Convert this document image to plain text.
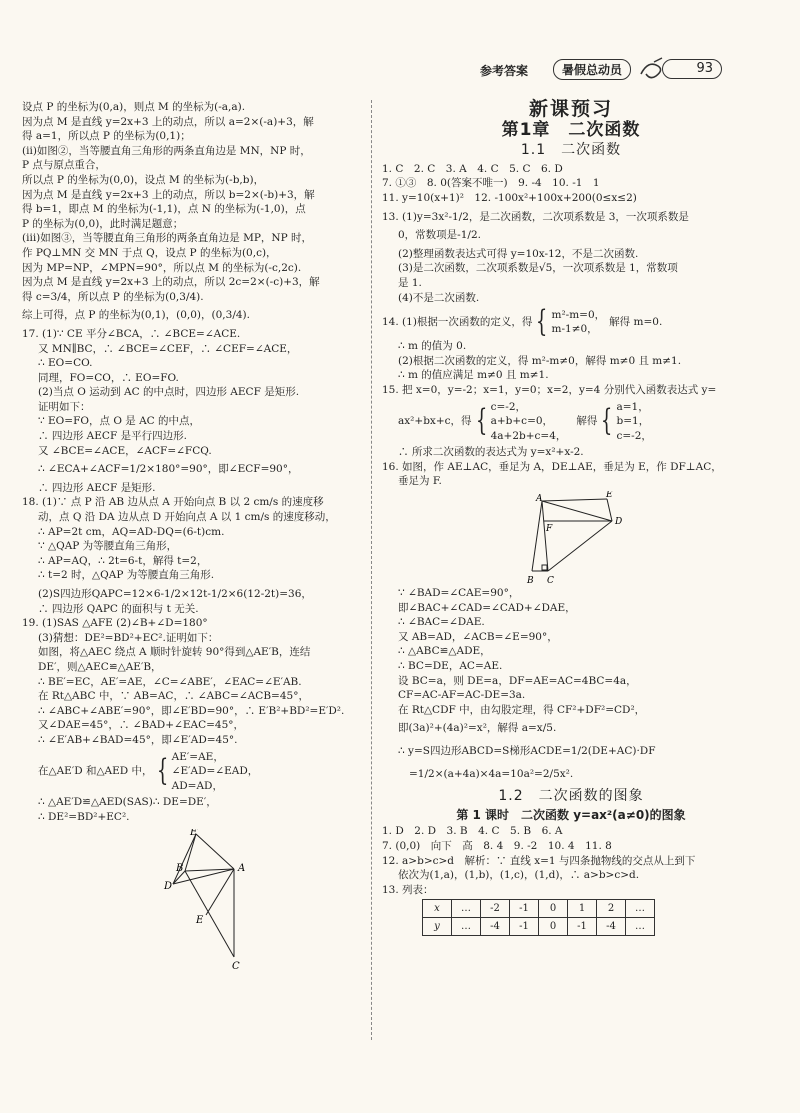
参考答案	暑假总动员	93

设点 P 的坐标为(0,a)，则点 M 的坐标为(-a,a).

因为点 M 是直线 y=2x+3 上的动点，所以 a=2×(-a)+3，解

得 a=1，所以点 P 的坐标为(0,1)；

(ii)如图②，当等腰直角三角形的两条直角边是 MN，NP 时，

P 点与原点重合，

所以点 P 的坐标为(0,0)，设点 M 的坐标为(-b,b)，

因为点 M 是直线 y=2x+3 上的动点，所以 b=2×(-b)+3，解

得 b=1，即点 M 的坐标为(-1,1)，点 N 的坐标为(-1,0)，点

P 的坐标为(0,0)，此时满足题意；

(iii)如图③，当等腰直角三角形的两条直角边是 MP，NP 时，

作 PQ⊥MN 交 MN 于点 Q，设点 P 的坐标为(0,c)，

因为 MP=NP，∠MPN=90°，所以点 M 的坐标为(-c,2c).

因为点 M 是直线 y=2x+3 上的动点，所以 2c=2×(-c)+3，解

得 c=3/4，所以点 P 的坐标为(0,3/4).

综上可得，点 P 的坐标为(0,1)，(0,0)，(0,3/4).

17. (1)∵ CE 平分∠BCA，∴ ∠BCE=∠ACE.

又 MN∥BC，∴ ∠BCE=∠CEF，∴ ∠CEF=∠ACE，

∴ EO=CO.

同理，FO=CO，∴ EO=FO.

(2)当点 O 运动到 AC 的中点时，四边形 AECF 是矩形.

证明如下：

∵ EO=FO，点 O 是 AC 的中点，

∴ 四边形 AECF 是平行四边形.

又 ∠BCE=∠ACE，∠ACF=∠FCQ.

∴ ∠ECA+∠ACF=1/2×180°=90°，即∠ECF=90°，

∴ 四边形 AECF 是矩形.

18. (1)∵ 点 P 沿 AB 边从点 A 开始向点 B 以 2 cm/s 的速度移

动，点 Q 沿 DA 边从点 D 开始向点 A 以 1 cm/s 的速度移动，

∴ AP=2t cm，AQ=AD-DQ=(6-t)cm.

∵ △QAP 为等腰直角三角形，

∴ AP=AQ，∴ 2t=6-t，解得 t=2，

∴ t=2 时，△QAP 为等腰直角三角形.

(2)S四边形QAPC=12×6-1/2×12t-1/2×6(12-2t)=36，

∴ 四边形 QAPC 的面积与 t 无关.

19. (1)SAS △AFE (2)∠B+∠D=180°

(3)猜想：DE²=BD²+EC².证明如下：

如图，将△AEC 绕点 A 顺时针旋转 90°得到△AE′B，连结

DE′，则△AEC≌△AE′B，

∴ BE′=EC，AE′=AE，∠C=∠ABE′，∠EAC=∠E′AB.

在 Rt△ABC 中，∵ AB=AC，∴ ∠ABC=∠ACB=45°，

∴ ∠ABC+∠ABE′=90°，即∠E′BD=90°，∴ E′B²+BD²=E′D².

又∠DAE=45°，∴ ∠BAD+∠EAC=45°，

∴ ∠E′AB+∠BAD=45°，即∠E′AD=45°.

在△AE′D 和△AED 中， { AE′=AE，

∠E′AD=∠EAD，

AD=AD，

∴ △AE′D≌△AED(SAS)∴ DE=DE′，

∴ DE²=BD²+EC².

E′
B
D
A
E
C
新课预习
第1章　二次函数
1.1　二次函数

1. C　2. C　3. A　4. C　5. C　6. D

7. ①③　8. 0(答案不唯一)　9. -4　10. -1　1

11. y=10(x+1)²　12. -100x²+100x+200(0≤x≤2)

13. (1)y=3x²-1/2，是二次函数，二次项系数是 3，一次项系数是

0，常数项是-1/2.

(2)整理函数表达式可得 y=10x-12，不是二次函数.

(3)是二次函数，二次项系数是√5，一次项系数是 1，常数项

是 1.

(4)不是二次函数.

14. (1)根据一次函数的定义，得 { m²-m=0，

m-1≠0，

解得 m=0.

∴ m 的值为 0.

(2)根据二次函数的定义，得 m²-m≠0，解得 m≠0 且 m≠1.

∴ m 的值应满足 m≠0 且 m≠1.

15. 把 x=0，y=-2；x=1，y=0；x=2，y=4 分别代入函数表达式 y=

ax²+bx+c，得 { c=-2，

a+b+c=0，

4a+2b+c=4，

解得 { a=1，

b=1，

c=-2，

∴ 所求二次函数的表达式为 y=x²+x-2.

16. 如图，作 AE⊥AC，垂足为 A，DE⊥AE，垂足为 E，作 DF⊥AC，

垂足为 F.

A	E
F
D
B C

∵ ∠BAD=∠CAE=90°，

即∠BAC+∠CAD=∠CAD+∠DAE，

∴ ∠BAC=∠DAE.

又 AB=AD，∠ACB=∠E=90°，

∴ △ABC≌△ADE，

∴ BC=DE，AC=AE.

设 BC=a，则 DE=a，DF=AE=AC=4BC=4a，

CF=AC-AF=AC-DE=3a.

在 Rt△CDF 中，由勾股定理，得 CF²+DF²=CD²，

即(3a)²+(4a)²=x²，解得 a=x/5.

∴ y=S四边形ABCD=S梯形ACDE=1/2(DE+AC)·DF

=1/2×(a+4a)×4a=10a²=2/5x².

1.2　二次函数的图象
第 1 课时　二次函数 y=ax²(a≠0)的图象

1. D　2. D　3. B　4. C　5. B　6. A

7. (0,0)　向下　高　8. 4　9. -2　10. 4　11. 8

12. a>b>c>d　解析：∵ 直线 x=1 与四条抛物线的交点从上到下

依次为(1,a)，(1,b)，(1,c)，(1,d)，∴ a>b>c>d.

13. 列表：

x	…	-2	-1	0	1	2	…
y	…	-4	-1	0	-1	-4	…
